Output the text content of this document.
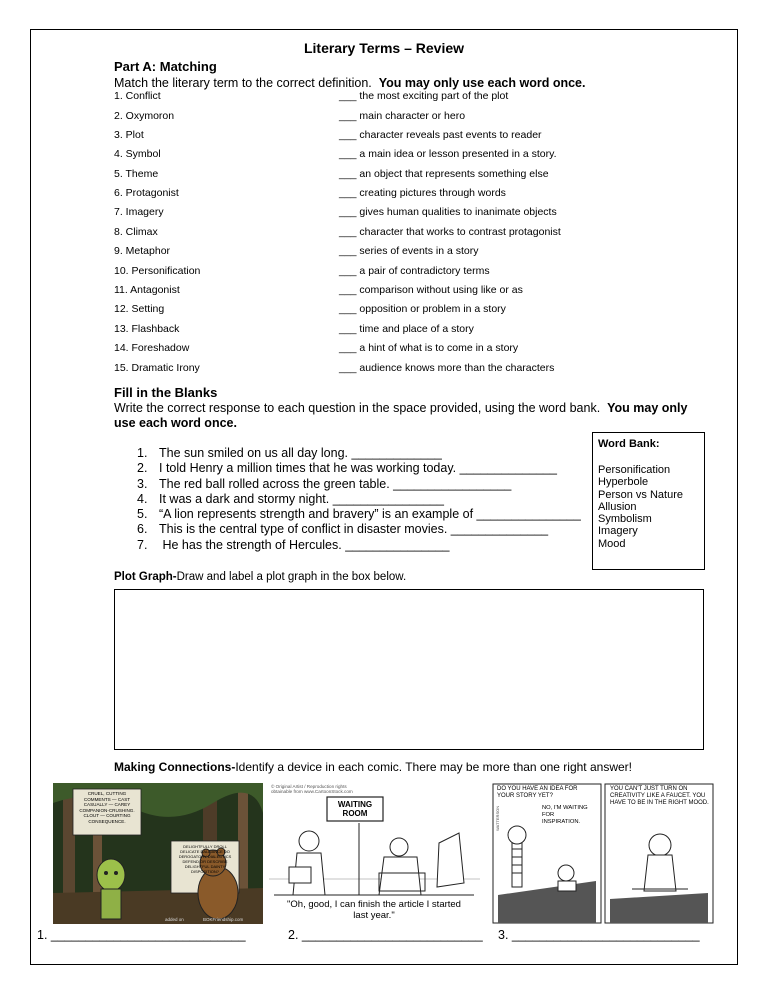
Literary Terms – Review
Part A: Matching
Match the literary term to the correct definition. You may only use each word once.
1. Conflict	___ the most exciting part of the plot
2. Oxymoron	___ main character or hero
3. Plot	___ character reveals past events to reader
4. Symbol	___ a main idea or lesson presented in a story.
5. Theme	___ an object that represents something else
6. Protagonist	___ creating pictures through words
7. Imagery	___ gives human qualities to inanimate objects
8. Climax	___ character that works to contrast protagonist
9. Metaphor	___ series of events in a story
10. Personification	___ a pair of contradictory terms
11. Antagonist	___ comparison without using like or as
12. Setting	___ opposition or problem in a story
13. Flashback	___ time and place of a story
14. Foreshadow	___ a hint of what is to come in a story
15. Dramatic Irony	___ audience knows more than the characters
Fill in the Blanks
Write the correct response to each question in the space provided, using the word bank. You may only
use each word once.
1. The sun smiled on us all day long. _____________
2. I told Henry a million times that he was working today. ______________
3. The red ball rolled across the green table. _________________
4. It was a dark and stormy night. ________________
5. “A lion represents strength and bravery” is an example of _______________
6. This is the central type of conflict in disaster movies. ______________
7. He has the strength of Hercules. _______________
Word Bank:
Personification
Hyperbole
Person vs Nature
Allusion
Symbolism
Imagery
Mood
Plot Graph-Draw and label a plot graph in the box below.
Making Connections-Identify a device in each comic. There may be more than one right answer!
CRUEL, CUTTING COMMENTS — CAST CASUALLY — CAREY COMPANION-CRUSHING. CLOUT — COURTING CONSEQUENCE.
DELIGHTFULLY DROLL DELICATE DALLIANCE DO DEROGATORY DIALECTICS DEFEND OR DESCRIBE DELIGHTFUL DAINTY DISPOSITION?
added on	BOKFriendship.com
© Original Artist / Reproduction rights obtainable from www.CartoonStock.com
WAITING ROOM
"Oh, good, I can finish the article I started last year."
DO YOU HAVE AN IDEA FOR YOUR STORY YET?
NO, I'M WAITING FOR INSPIRATION.
YOU CAN'T JUST TURN ON CREATIVITY LIKE A FAUCET. YOU HAVE TO BE IN THE RIGHT MOOD.
WATTERSON
1. ____________________________	2. __________________________ 3. ___________________________
